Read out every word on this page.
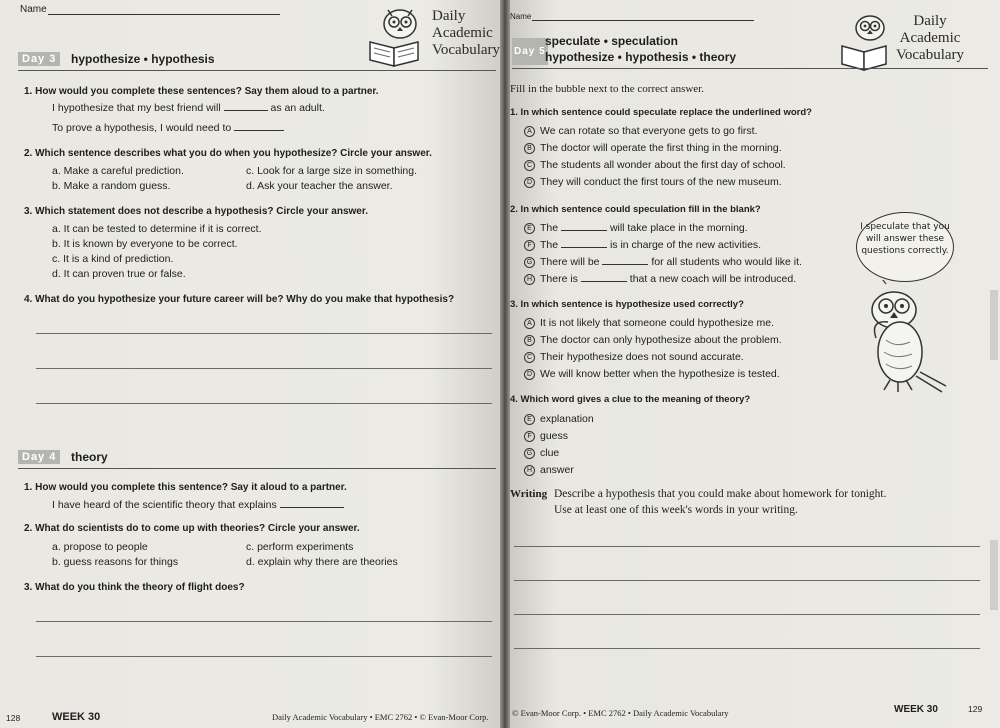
Name	Daily
Academic
Vocabulary
Day 3	hypothesize • hypothesis
1. How would you complete these sentences? Say them aloud to a partner.
I hypothesize that my best friend will	as an adult.
To prove a hypothesis, I would need to
2. Which sentence describes what you do when you hypothesize? Circle your answer.
a. Make a careful prediction.	c. Look for a large size in something.
b. Make a random guess.	d. Ask your teacher the answer.
3. Which statement does not describe a hypothesis? Circle your answer.
a. It can be tested to determine if it is correct.
b. It is known by everyone to be correct.
c. It is a kind of prediction.
d. It can proven true or false.
4. What do you hypothesize your future career will be? Why do you make that hypothesis?
Day 4	theory
1. How would you complete this sentence? Say it aloud to a partner.
I have heard of the scientific theory that explains
2. What do scientists do to come up with theories? Circle your answer.
a. propose to people	c. perform experiments
b. guess reasons for things	d. explain why there are theories
3. What do you think the theory of flight does?
128	WEEK 30	Daily Academic Vocabulary • EMC 2762 • © Evan-Moor Corp.
Name	Daily
Academic
Vocabulary
Day 5
speculate • speculation
hypothesize • hypothesis • theory
Fill in the bubble next to the correct answer.
1. In which sentence could speculate replace the underlined word?
A We can rotate so that everyone gets to go first.
B The doctor will operate the first thing in the morning.
C The students all wonder about the first day of school.
D They will conduct the first tours of the new museum.
2. In which sentence could speculation fill in the blank?
E The	will take place in the morning.
F The	is in charge of the new activities.
G There will be	for all students who would like it.
H There is	that a new coach will be introduced.
3. In which sentence is hypothesize used correctly?
A It is not likely that someone could hypothesize me.
B The doctor can only hypothesize about the problem.
C Their hypothesize does not sound accurate.
D We will know better when the hypothesize is tested.
4. Which word gives a clue to the meaning of theory?
E explanation
F guess
G clue
H answer
I speculate that you will answer these questions correctly.
Writing Describe a hypothesis that you could make about homework for tonight.
Use at least one of this week's words in your writing.
© Evan-Moor Corp. • EMC 2762 • Daily Academic Vocabulary	WEEK 30	129
